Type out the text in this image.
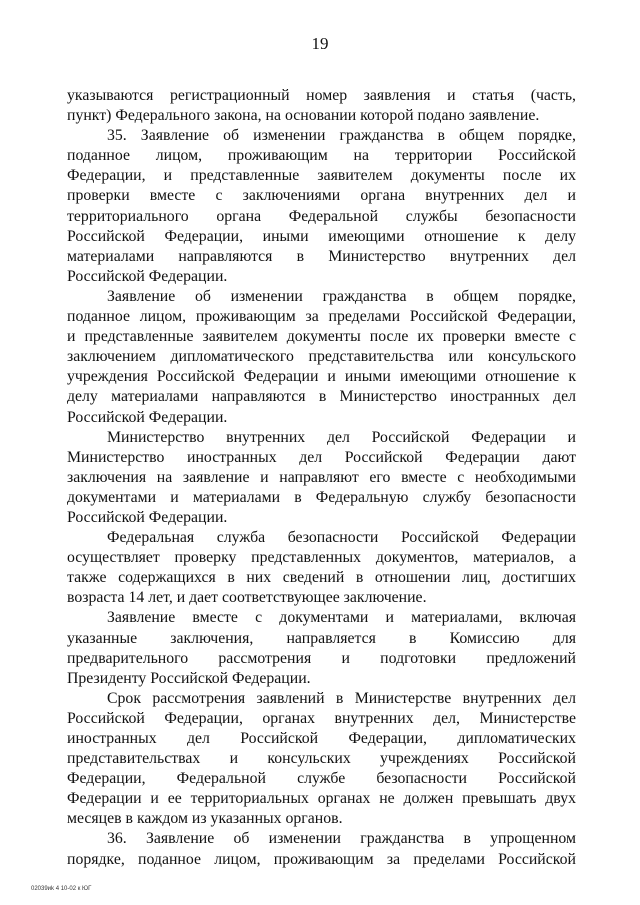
19

указываются регистрационный номер заявления и статья (часть,
пункт) Федерального закона, на основании которой подано заявление.

35. Заявление об изменении гражданства в общем порядке,
поданное лицом, проживающим на территории Российской
Федерации, и представленные заявителем документы после их
проверки вместе с заключениями органа внутренних дел и
территориального органа Федеральной службы безопасности
Российской Федерации, иными имеющими отношение к делу
материалами направляются в Министерство внутренних дел
Российской Федерации.

Заявление об изменении гражданства в общем порядке,
поданное лицом, проживающим за пределами Российской Федерации,
и представленные заявителем документы после их проверки вместе с
заключением дипломатического представительства или консульского
учреждения Российской Федерации и иными имеющими отношение к
делу материалами направляются в Министерство иностранных дел
Российской Федерации.

Министерство внутренних дел Российской Федерации и
Министерство иностранных дел Российской Федерации дают
заключения на заявление и направляют его вместе с необходимыми
документами и материалами в Федеральную службу безопасности
Российской Федерации.

Федеральная служба безопасности Российской Федерации
осуществляет проверку представленных документов, материалов, а
также содержащихся в них сведений в отношении лиц, достигших
возраста 14 лет, и дает соответствующее заключение.

Заявление вместе с документами и материалами, включая
указанные заключения, направляется в Комиссию для
предварительного рассмотрения и подготовки предложений
Президенту Российской Федерации.

Срок рассмотрения заявлений в Министерстве внутренних дел
Российской Федерации, органах внутренних дел, Министерстве
иностранных дел Российской Федерации, дипломатических
представительствах и консульских учреждениях Российской
Федерации, Федеральной службе безопасности Российской
Федерации и ее территориальных органах не должен превышать двух
месяцев в каждом из указанных органов.

36. Заявление об изменении гражданства в упрощенном
порядке, поданное лицом, проживающим за пределами Российской

02039иk 4 10-02 к ЮГ
